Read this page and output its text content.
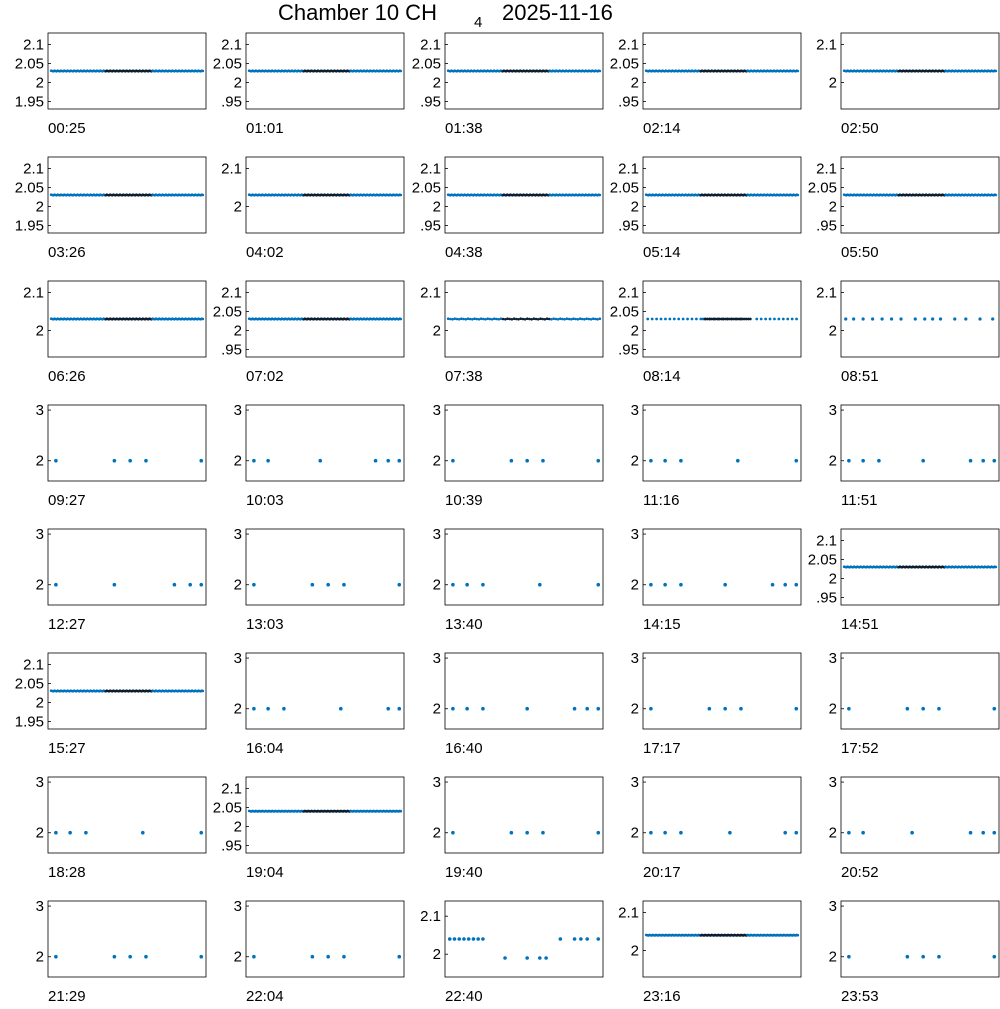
Chamber 10 CH 4 2025-11-16
2.1
2.05
2
1.95
00:25
2.1
2.05
2
.95
01:01
2.1
2.05
2
.95
01:38
2.1
2.05
2
.95
02:14
2.1
2
02:50
2.1
2.05
2
1.95
03:26
2.1
2
04:02
2.1
2.05
2
.95
04:38
2.1
2.05
2
.95
05:14
2.1
2.05
2
.95
05:50
2.1
2
06:26
2.1
2.05
2
.95
07:02
2.1
2
07:38
2.1
2.05
2
.95
08:14
2.1
2
08:51
3
2
09:27
3
2
10:03
3
2
10:39
3
2
11:16
3
2
11:51
3
2
12:27
3
2
13:03
3
2
13:40
3
2
14:15
2.1
2.05
2
.95
14:51
2.1
2.05
2
1.95
15:27
3
2
16:04
3
2
16:40
3
2
17:17
3
2
17:52
3
2
18:28
2.1
2.05
2
.95
19:04
3
2
19:40
3
2
20:17
3
2
20:52
3
2
21:29
3
2
22:04
2.1
2
22:40
2.1
2
23:16
3
2
23:53
